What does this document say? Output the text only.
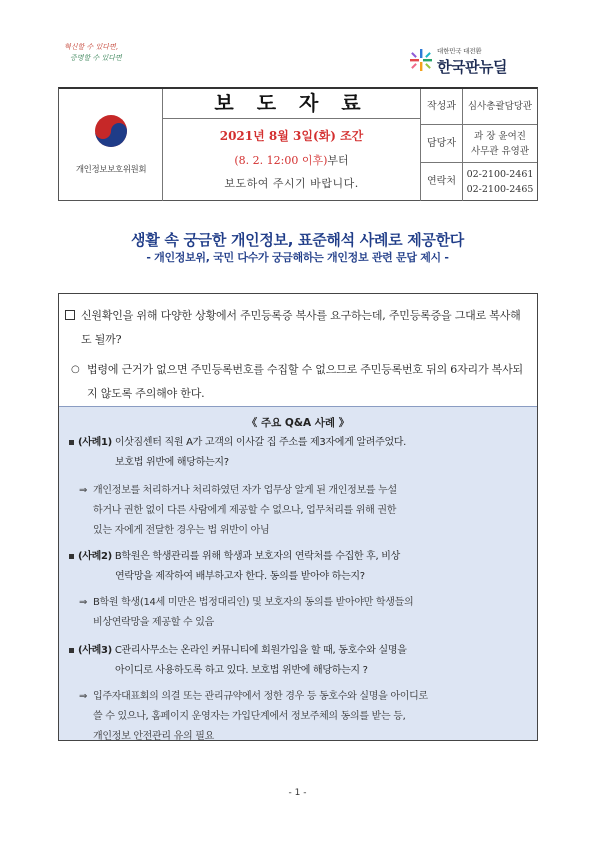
혁신할 수 있다면,
증명할 수 있다면
대한민국 대전환
한국판뉴딜
개인정보보호위원회
보 도 자 료
2021년 8월 3일(화) 조간
(8. 2. 12:00 이후)부터
보도하여 주시기 바랍니다.
작성과	심사총괄담당관
담당자
과 장 윤여진
사무관 유영관
연락처
02-2100-2461
02-2100-2465
생활 속 궁금한 개인정보, 표준해석 사례로 제공한다
- 개인정보위, 국민 다수가 궁금해하는 개인정보 관련 문답 제시 -
신원확인을 위해 다양한 상황에서 주민등록증 복사를 요구하는데, 주민등록증을 그대로 복사해도 될까?
○ 법령에 근거가 없으면 주민등록번호를 수집할 수 없으므로 주민등록번호 뒤의 6자리가 복사되지 않도록 주의해야 한다.
《 주요 Q&A 사례 》
(사례1) 이삿짐센터 직원 A가 고객의 이사갈 집 주소를 제3자에게 알려주었다.
보호법 위반에 해당하는지?
⇒ 개인정보를 처리하거나 처리하였던 자가 업무상 알게 된 개인정보를 누설
하거나 권한 없이 다른 사람에게 제공할 수 없으나, 업무처리를 위해 권한
있는 자에게 전달한 경우는 법 위반이 아님
(사례2) B학원은 학생관리를 위해 학생과 보호자의 연락처를 수집한 후, 비상
연락망을 제작하여 배부하고자 한다. 동의를 받아야 하는지?
⇒ B학원 학생(14세 미만은 법정대리인) 및 보호자의 동의를 받아야만 학생들의
비상연락망을 제공할 수 있음
(사례3) C관리사무소는 온라인 커뮤니티에 회원가입을 할 때, 동호수와 실명을
아이디로 사용하도록 하고 있다. 보호법 위반에 해당하는지 ?
⇒ 입주자대표회의 의결 또는 관리규약에서 정한 경우 등 동호수와 실명을 아이디로
쓸 수 있으나, 홈페이지 운영자는 가입단계에서 정보주체의 동의를 받는 등,
개인정보 안전관리 유의 필요
- 1 -
